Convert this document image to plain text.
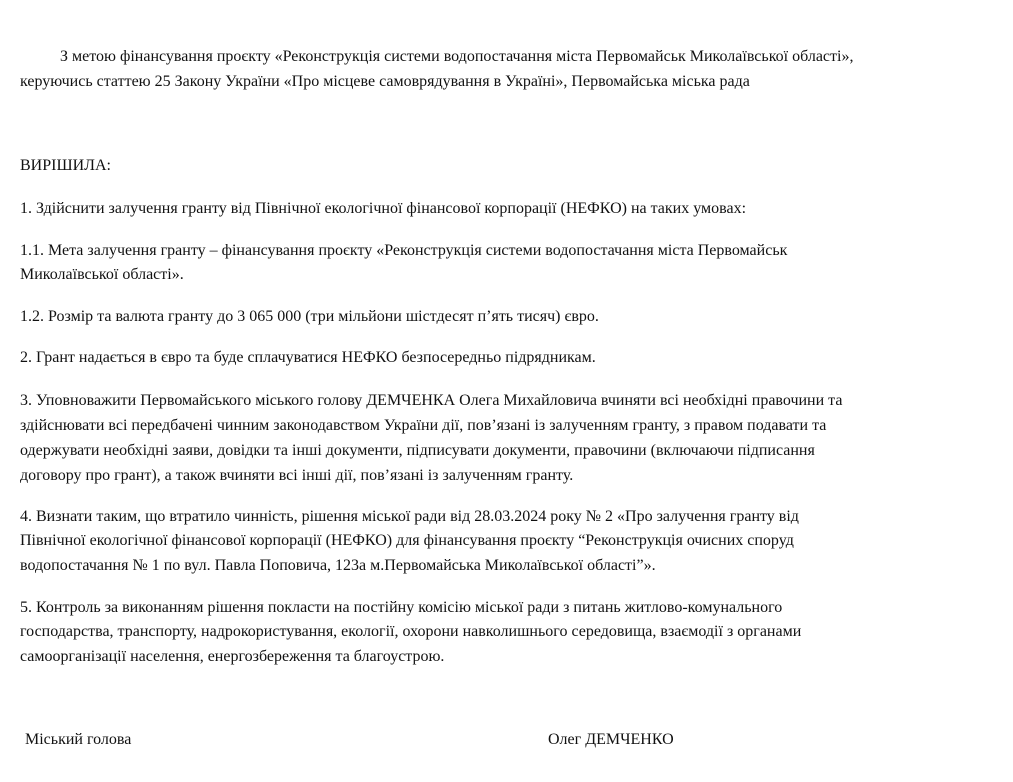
З метою фінансування проєкту «Реконструкція системи водопостачання міста Первомайськ Миколаївської області»,
керуючись статтею 25 Закону України «Про місцеве самоврядування в Україні», Первомайська міська рада
ВИРІШИЛА:
1. Здійснити залучення гранту від Північної екологічної фінансової корпорації (НЕФКО) на таких умовах:
1.1. Мета залучення гранту – фінансування проєкту «Реконструкція системи водопостачання міста Первомайськ
Миколаївської області».
1.2. Розмір та валюта гранту до 3 065 000 (три мільйони шістдесят п’ять тисяч) євро.
2. Грант надається в євро та буде сплачуватися НЕФКО безпосередньо підрядникам.
3. Уповноважити Первомайського міського голову ДЕМЧЕНКА Олега Михайловича вчиняти всі необхідні правочини та
здійснювати всі передбачені чинним законодавством України дії, пов’язані із залученням гранту, з правом подавати та
одержувати необхідні заяви, довідки та інші документи, підписувати документи, правочини (включаючи підписання
договору про грант), а також вчиняти всі інші дії, пов’язані із залученням гранту.
4. Визнати таким, що втратило чинність, рішення міської ради від 28.03.2024 року № 2 «Про залучення гранту від
Північної екологічної фінансової корпорації (НЕФКО) для фінансування проєкту “Реконструкція очисних споруд
водопостачання № 1 по вул. Павла Поповича, 123а м.Первомайська Миколаївської області”».
5. Контроль за виконанням рішення покласти на постійну комісію міської ради з питань житлово-комунального
господарства, транспорту, надрокористування, екології, охорони навколишнього середовища, взаємодії з органами
самоорганізації населення, енергозбереження та благоустрою.
Міський голова	Олег ДЕМЧЕНКО
